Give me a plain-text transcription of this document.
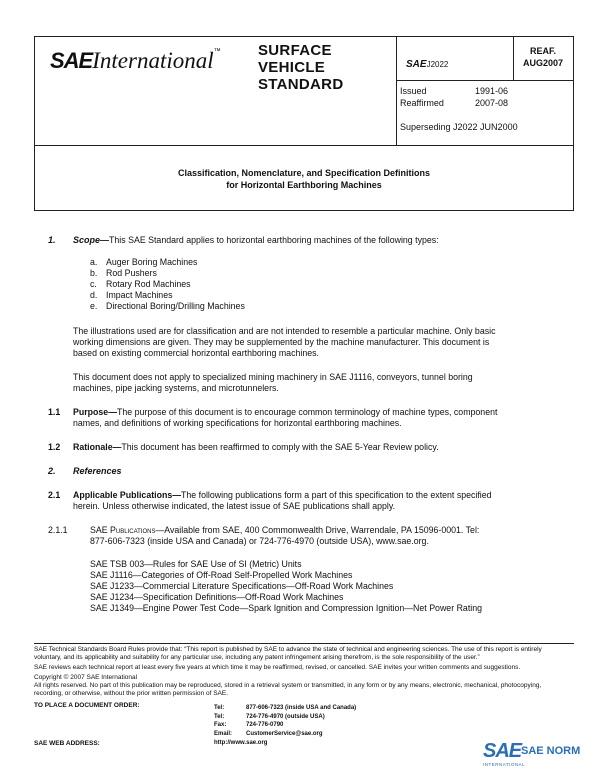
SAEInternational™ SURFACE
VEHICLE
STANDARD
SAEJ2022
REAF.
AUG2007
Issued	1991-06
Reaffirmed	2007-08
Superseding J2022 JUN2000
Classification, Nomenclature, and Specification Definitions
for Horizontal Earthboring Machines
1. Scope—This SAE Standard applies to horizontal earthboring machines of the following types:
a. Auger Boring Machines
b. Rod Pushers
c. Rotary Rod Machines
d. Impact Machines
e. Directional Boring/Drilling Machines
The illustrations used are for classification and are not intended to resemble a particular machine. Only basic
working dimensions are given. They may be supplemented by the machine manufacturer. This document is
based on existing commercial horizontal earthboring machines.
This document does not apply to specialized mining machinery in SAE J1116, conveyors, tunnel boring
machines, pipe jacking systems, and microtunnelers.
1.1 Purpose—The purpose of this document is to encourage common terminology of machine types, component
names, and definitions of working specifications for horizontal earthboring machines.
1.2 Rationale—This document has been reaffirmed to comply with the SAE 5-Year Review policy.
2. References
2.1 Applicable Publications—The following publications form a part of this specification to the extent specified
herein. Unless otherwise indicated, the latest issue of SAE publications shall apply.
2.1.1	SAE Publications—Available from SAE, 400 Commonwealth Drive, Warrendale, PA 15096-0001. Tel:
877-606-7323 (inside USA and Canada) or 724-776-4970 (outside USA), www.sae.org.
SAE TSB 003—Rules for SAE Use of SI (Metric) Units
SAE J1116—Categories of Off-Road Self-Propelled Work Machines
SAE J1233—Commercial Literature Specifications—Off-Road Work Machines
SAE J1234—Specification Definitions—Off-Road Work Machines
SAE J1349—Engine Power Test Code—Spark Ignition and Compression Ignition—Net Power Rating
SAE Technical Standards Board Rules provide that: “This report is published by SAE to advance the state of technical and engineering sciences. The use of this report is entirely
voluntary, and its applicability and suitability for any particular use, including any patent infringement arising therefrom, is the sole responsibility of the user.”
SAE reviews each technical report at least every five years at which time it may be reaffirmed, revised, or cancelled. SAE invites your written comments and suggestions.
Copyright © 2007 SAE International
All rights reserved. No part of this publication may be reproduced, stored in a retrieval system or transmitted, in any form or by any means, electronic, mechanical, photocopying,
recording, or otherwise, without the prior written permission of SAE.
TO PLACE A DOCUMENT ORDER:	Tel:	877-606-7323 (inside USA and Canada)
Tel:	724-776-4970 (outside USA)
Fax:	724-776-0790
Email: CustomerService@sae.org
SAE WEB ADDRESS:	http://www.sae.org	SAE SAE NORM
INTERNATIONAL
